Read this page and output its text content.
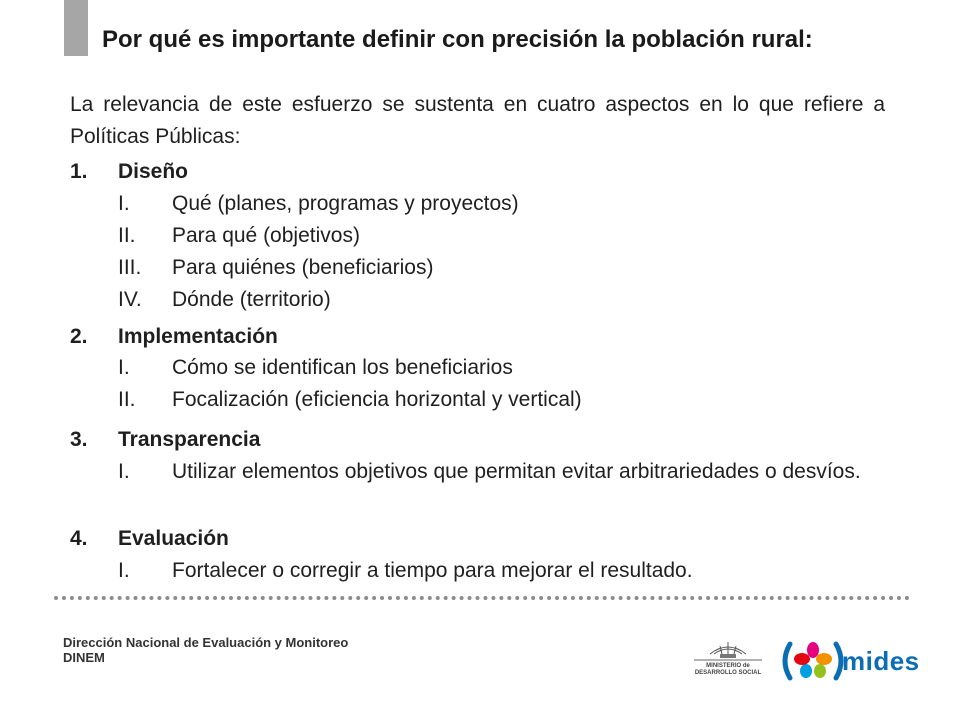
Por qué es importante definir con precisión la población rural:
La relevancia de este esfuerzo se sustenta en cuatro aspectos en lo que refiere a Políticas Públicas:
1. Diseño
I.	Qué (planes, programas y proyectos)
II.	Para qué (objetivos)
III.	Para quiénes (beneficiarios)
IV.	Dónde (territorio)
2. Implementación
I.	Cómo se identifican los beneficiarios
II.	Focalización (eficiencia horizontal y vertical)
3. Transparencia
I.	Utilizar elementos objetivos que permitan evitar arbitrariedades o desvíos.
4. Evaluación
I.	Fortalecer o corregir a tiempo para mejorar el resultado.
Dirección Nacional de Evaluación y Monitoreo
DINEM
MINISTERIO de
DESARROLLO SOCIAL	mides
